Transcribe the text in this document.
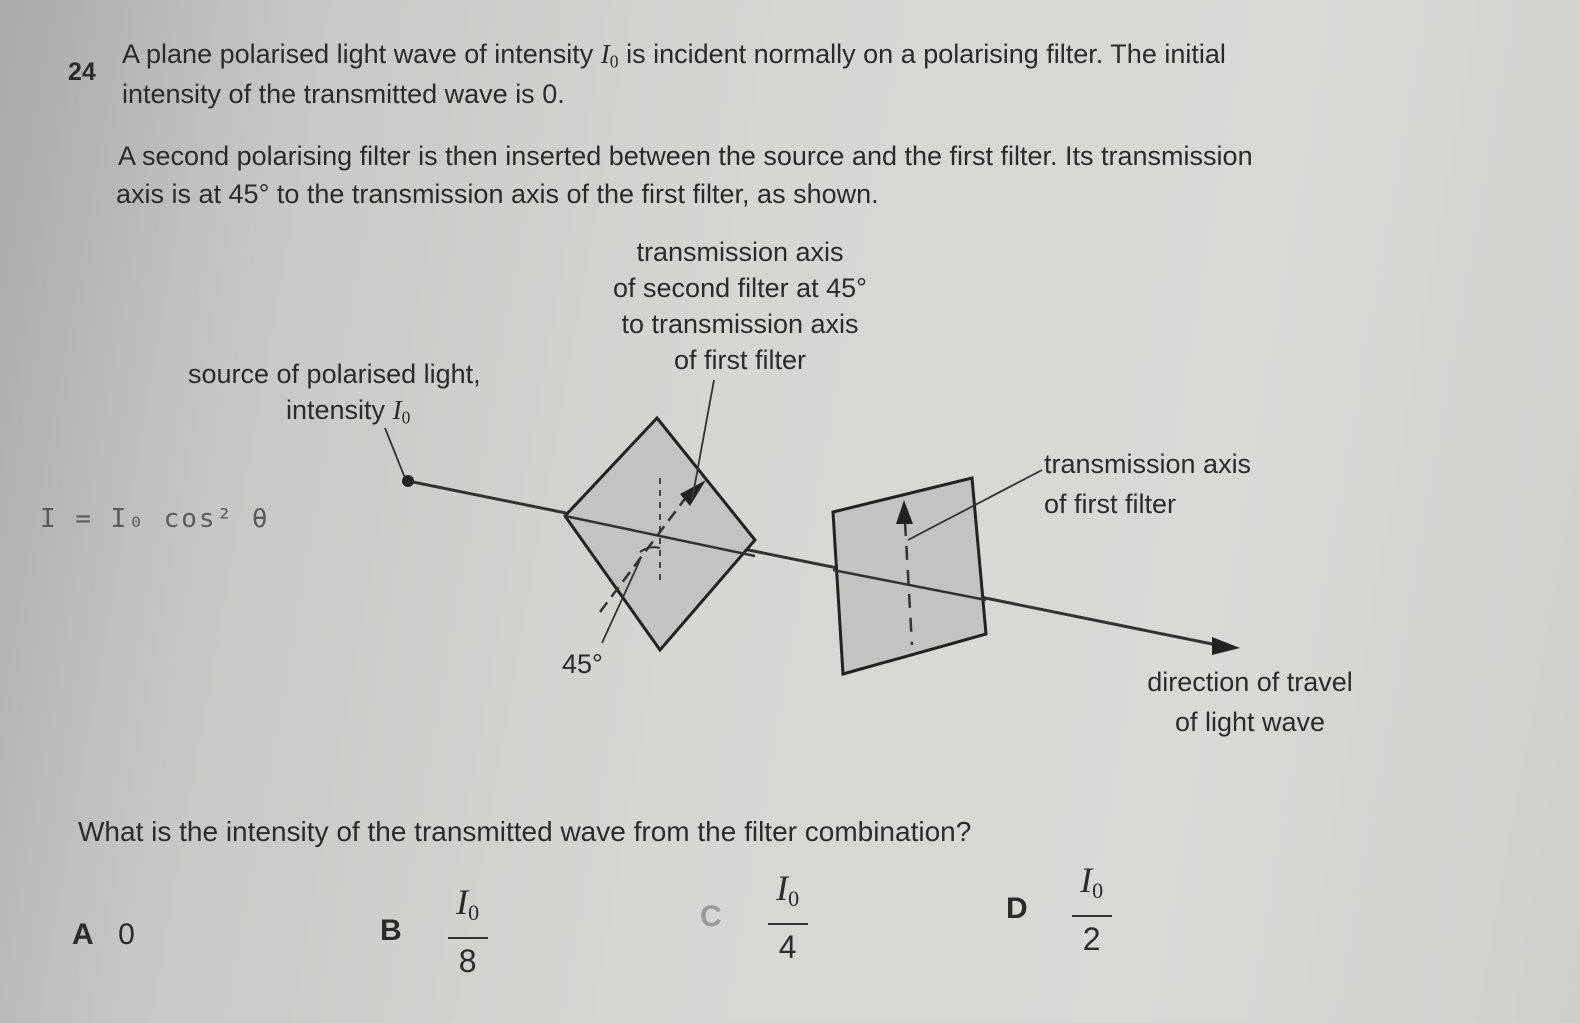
24
A plane polarised light wave of intensity $I_0$ is incident normally on a polarising filter. The initial
intensity of the transmitted wave is 0.
A second polarising filter is then inserted between the source and the first filter. Its transmission
axis is at 45° to the transmission axis of the first filter, as shown.
transmission axis
of second filter at 45°
to transmission axis
of first filter
source of polarised light,
intensity $I_0$
transmission axis
of first filter
45°
direction of travel
of light wave
I = I₀ cos² θ
What is the intensity of the transmitted wave from the filter combination?
A 0	B $\frac{I0}{8}$	C $\frac{I0}{4}$	D $\frac{I0}{2}$
